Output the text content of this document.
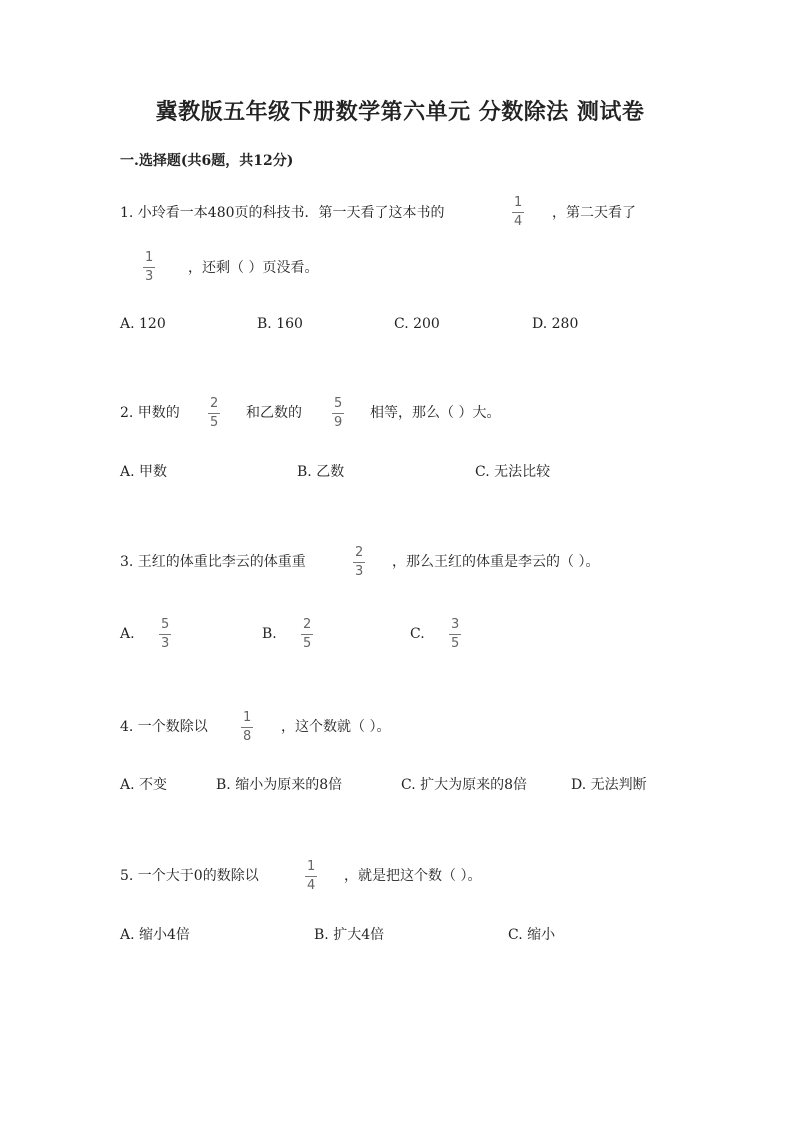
冀教版五年级下册数学第六单元 分数除法 测试卷
一.选择题(共6题，共12分)
1. 小玲看一本480页的科技书．第一天看了这本书的
1
4
，第二天看了
1
3
，还剩（ ）页没看。
A. 120	B. 160	C. 200	D. 280
2. 甲数的
2
5
和乙数的
5
9
相等，那么（ ）大。
A. 甲数	B. 乙数	C. 无法比较
3. 王红的体重比李云的体重重
2
3
，那么王红的体重是李云的（ ）。
A.
5
3
B.
2
5
C.
3
5
4. 一个数除以
1
8
，这个数就（ ）。
A. 不变	B. 缩小为原来的8倍	C. 扩大为原来的8倍	D. 无法判断
5. 一个大于0的数除以
1
4
，就是把这个数（ ）。
A. 缩小4倍	B. 扩大4倍	C. 缩小
